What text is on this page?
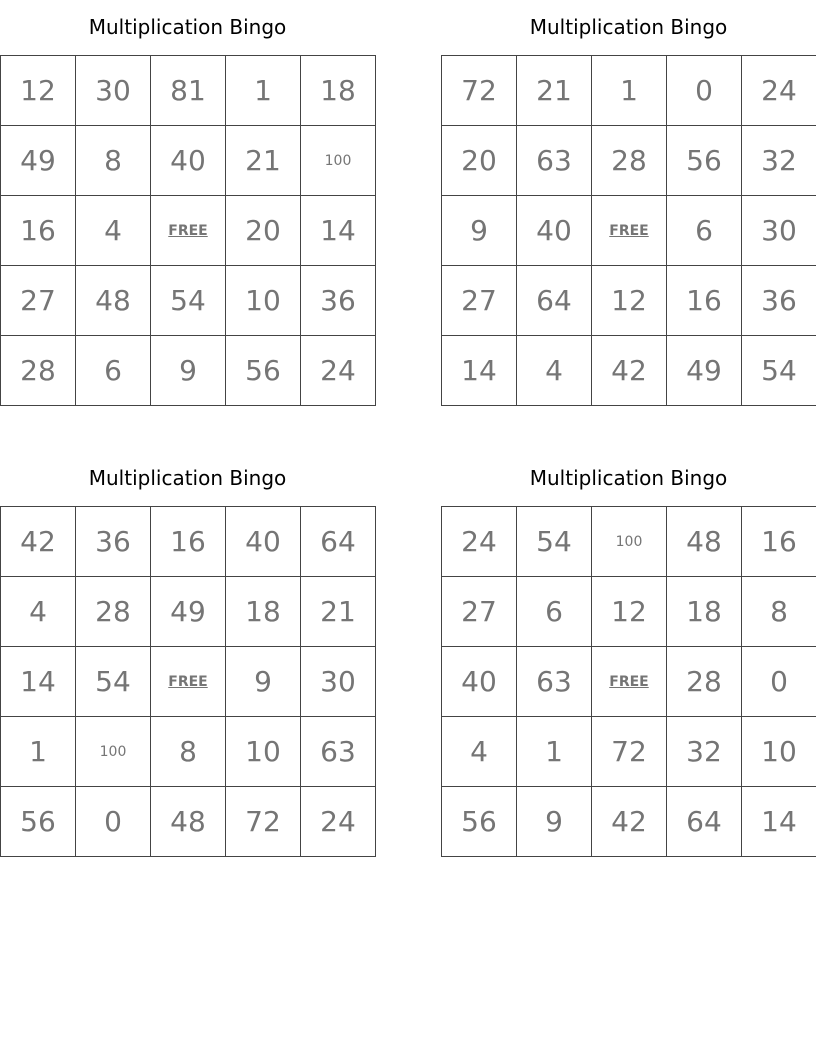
Multiplication Bingo
12	30	81	1	18
49	8	40	21	100
16	4	FREE	20	14
27	48	54	10	36
28	6	9	56	24
Multiplication Bingo
72	21	1	0	24
20	63	28	56	32
9	40	FREE	6	30
27	64	12	16	36
14	4	42	49	54
Multiplication Bingo
42	36	16	40	64
4	28	49	18	21
14	54	FREE	9	30
1	100	8	10	63
56	0	48	72	24
Multiplication Bingo
24	54	100	48	16
27	6	12	18	8
40	63	FREE	28	0
4	1	72	32	10
56	9	42	64	14
